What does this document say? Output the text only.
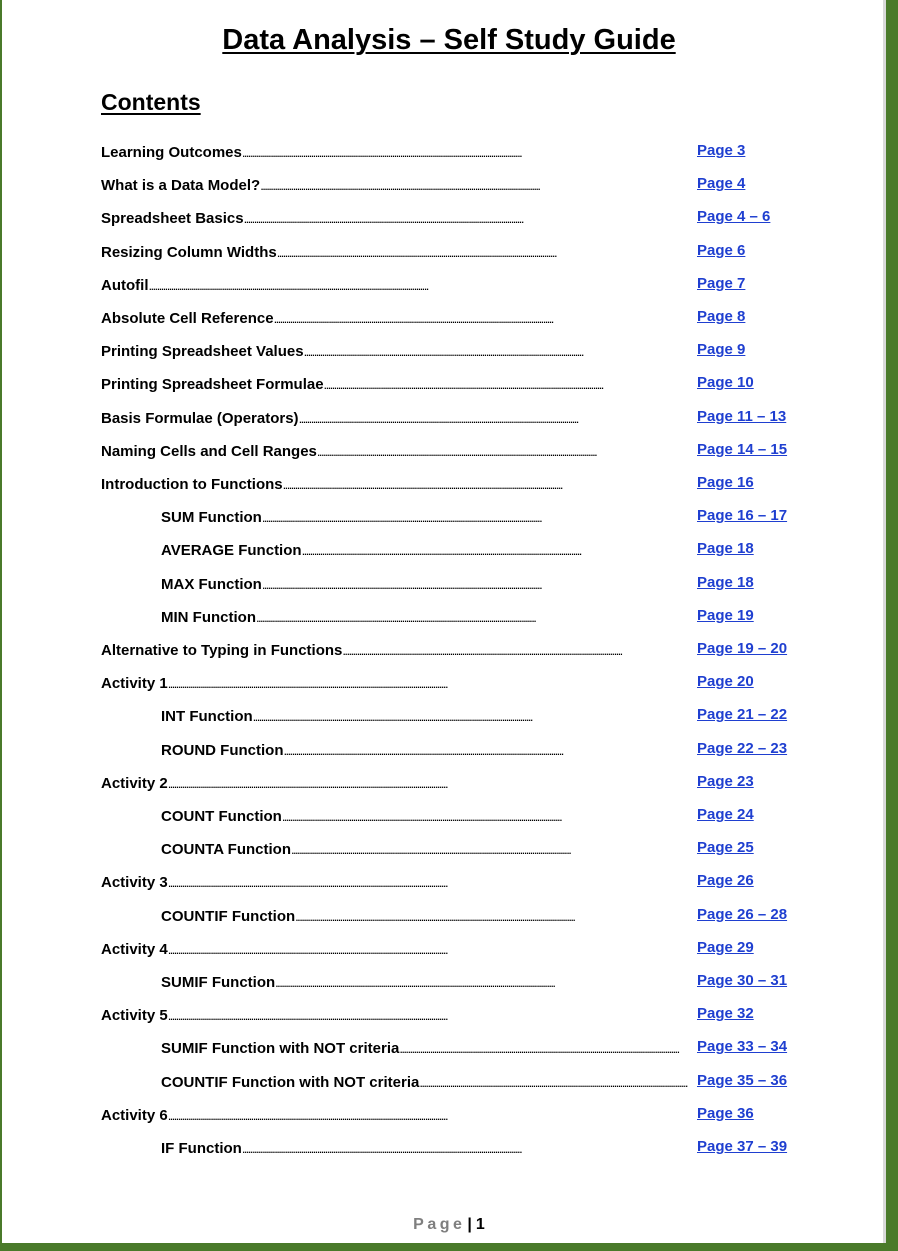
Data Analysis – Self Study Guide
Contents
Learning Outcomes . . .	Page 3
What is a Data Model? . . .	Page 4
Spreadsheet Basics . . .	Page 4 – 6
Resizing Column Widths . . .	Page 6
Autofil . . .	Page 7
Absolute Cell Reference . . .	Page 8
Printing Spreadsheet Values . . .	Page 9
Printing Spreadsheet Formulae . . .	Page 10
Basis Formulae (Operators) . . .	Page 11 – 13
Naming Cells and Cell Ranges . . .	Page 14 – 15
Introduction to Functions . . .	Page 16
SUM Function . . .	Page 16 – 17
AVERAGE Function . . .	Page 18
MAX Function . . .	Page 18
MIN Function . . .	Page 19
Alternative to Typing in Functions . . .	Page 19 – 20
Activity 1 . . .	Page 20
INT Function . . .	Page 21 – 22
ROUND Function . . .	Page 22 – 23
Activity 2 . . .	Page 23
COUNT Function . . .	Page 24
COUNTA Function . . .	Page 25
Activity 3 . . .	Page 26
COUNTIF Function . . .	Page 26 – 28
Activity 4 . . .	Page 29
SUMIF Function . . .	Page 30 – 31
Activity 5 . . .	Page 32
SUMIF Function with NOT criteria . . .	Page 33 – 34
COUNTIF Function with NOT criteria . . .	Page 35 – 36
Activity 6 . . .	Page 36
IF Function . . .	Page 37 – 39
Page | 1
